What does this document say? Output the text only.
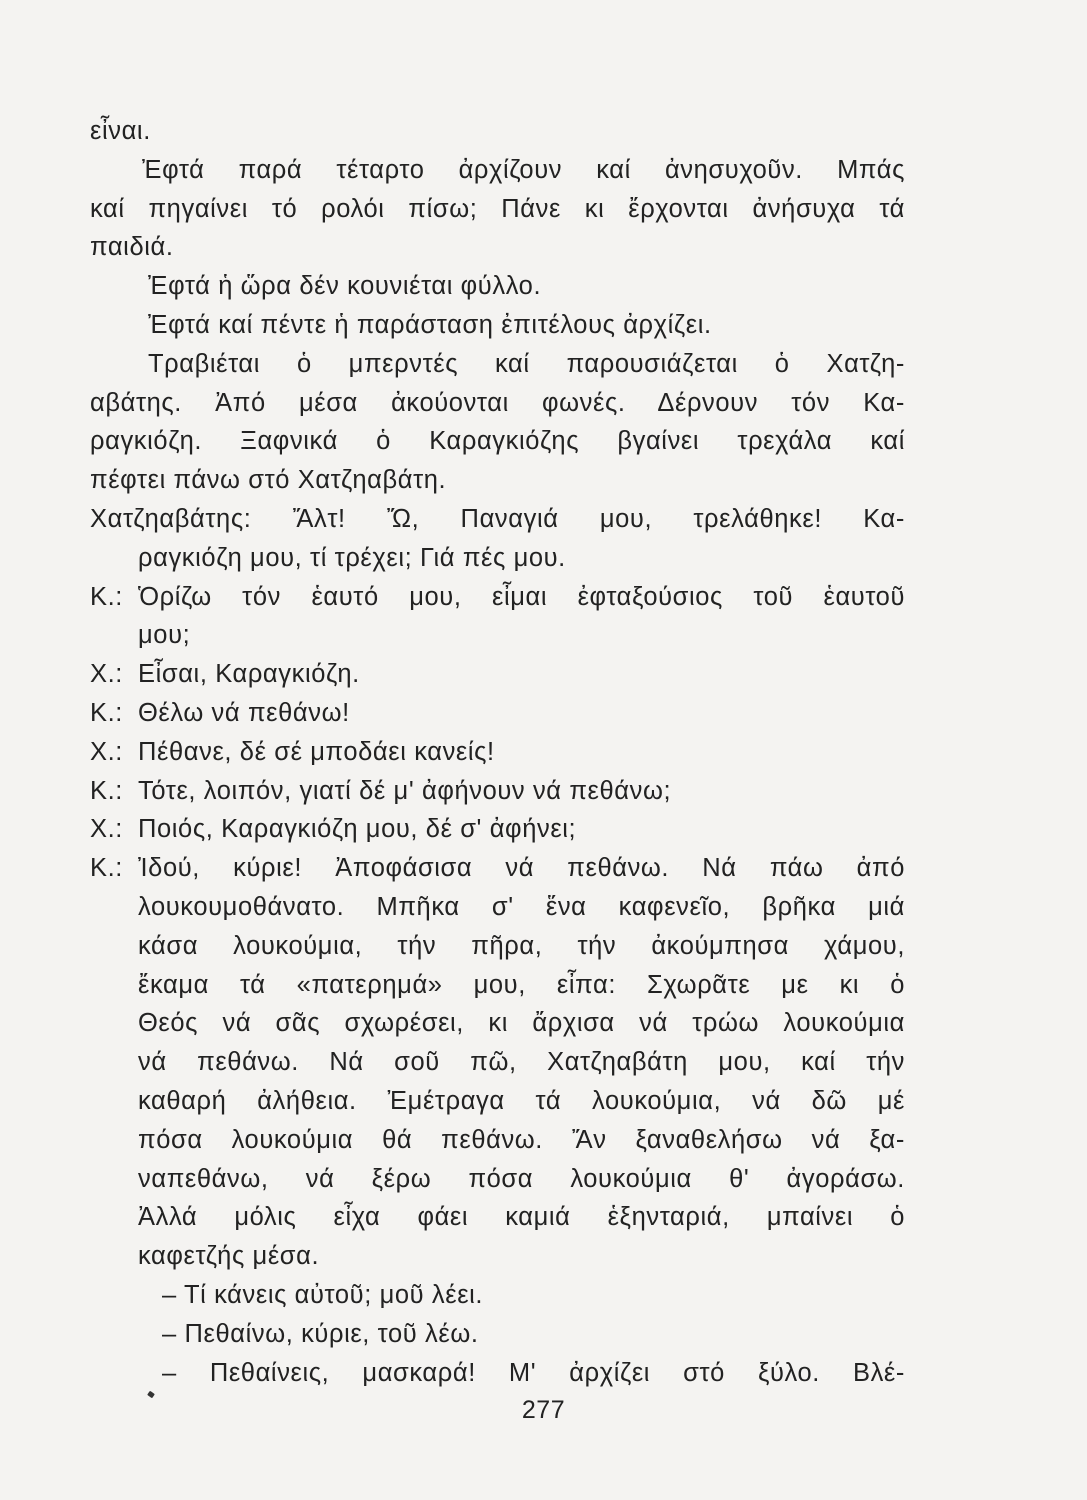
εἶναι.
Ἐφτά παρά τέταρτο ἀρχίζουν καί ἀνησυχοῦν. Μπάς
καί πηγαίνει τό ρολόι πίσω; Πάνε κι ἔρχονται ἀνήσυχα τά
παιδιά.
Ἐφτά ἡ ὥρα δέν κουνιέται φύλλο.
Ἐφτά καί πέντε ἡ παράσταση ἐπιτέλους ἀρχίζει.
Τραβιέται ὁ μπερντές καί παρουσιάζεται ὁ Χατζη-
αβάτης. Ἀπό μέσα ἀκούονται φωνές. Δέρνουν τόν Κα-
ραγκιόζη. Ξαφνικά ὁ Καραγκιόζης βγαίνει τρεχάλα καί
πέφτει πάνω στό Χατζηαβάτη.
Χατζηαβάτης: Ἄλτ! Ὤ, Παναγιά μου, τρελάθηκε! Κα-
ραγκιόζη μου, τί τρέχει; Γιά πές μου.
Κ.: Ὁρίζω τόν ἑαυτό μου, εἶμαι ἐφταξούσιος τοῦ ἑαυτοῦ
μου;
Χ.: Εἶσαι, Καραγκιόζη.
Κ.: Θέλω νά πεθάνω!
Χ.: Πέθανε, δέ σέ μποδάει κανείς!
Κ.: Τότε, λοιπόν, γιατί δέ μ' ἀφήνουν νά πεθάνω;
Χ.: Ποιός, Καραγκιόζη μου, δέ σ' ἀφήνει;
Κ.: Ἰδού, κύριε! Ἀποφάσισα νά πεθάνω. Νά πάω ἀπό
λουκουμοθάνατο. Μπῆκα σ' ἕνα καφενεῖο, βρῆκα μιά
κάσα λουκούμια, τήν πῆρα, τήν ἀκούμπησα χάμου,
ἔκαμα τά «πατερημά» μου, εἶπα: Σχωρᾶτε με κι ὁ
Θεός νά σᾶς σχωρέσει, κι ἄρχισα νά τρώω λουκούμια
νά πεθάνω. Νά σοῦ πῶ, Χατζηαβάτη μου, καί τήν
καθαρή ἀλήθεια. Ἐμέτραγα τά λουκούμια, νά δῶ μέ
πόσα λουκούμια θά πεθάνω. Ἄν ξαναθελήσω νά ξα-
ναπεθάνω, νά ξέρω πόσα λουκούμια θ' ἀγοράσω.
Ἀλλά μόλις εἶχα φάει καμιά ἑξηνταριά, μπαίνει ὁ
καφετζής μέσα.
– Τί κάνεις αὐτοῦ; μοῦ λέει.
– Πεθαίνω, κύριε, τοῦ λέω.
– Πεθαίνεις, μασκαρά! Μ' ἀρχίζει στό ξύλο. Βλέ-
277
